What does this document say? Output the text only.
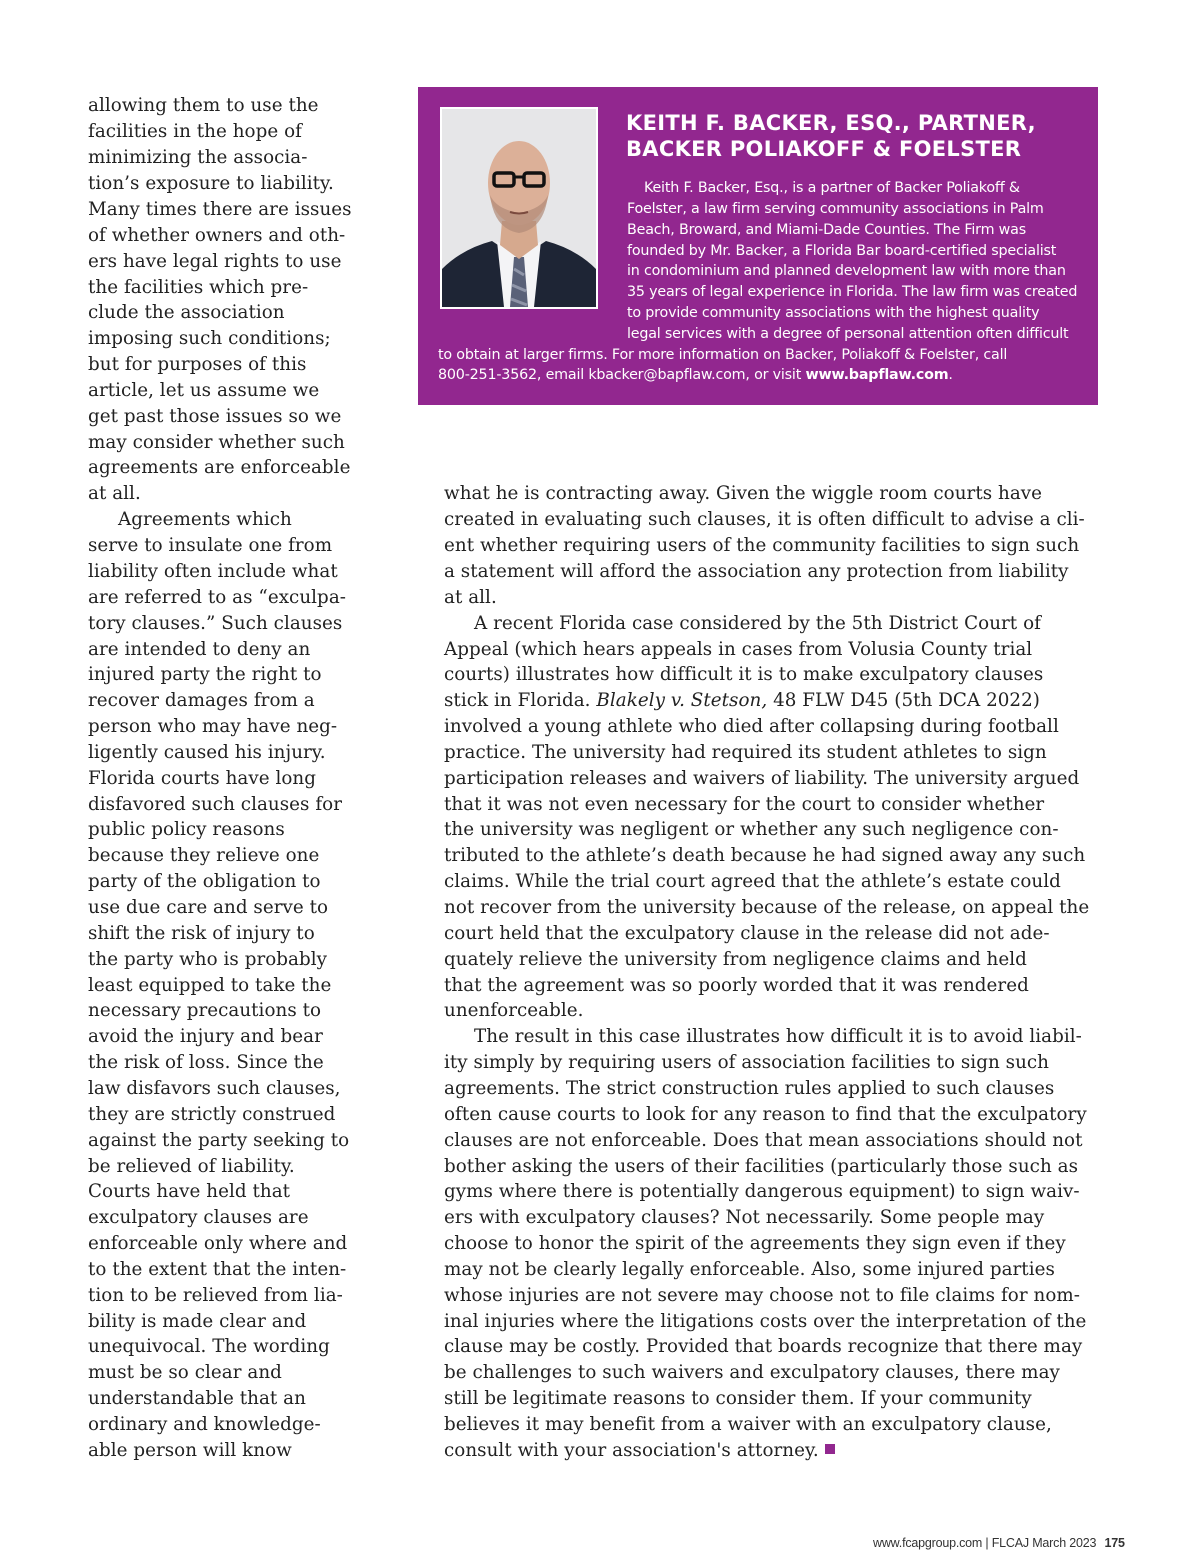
KEITH F. BACKER, ESQ., PARTNER,
BACKER POLIAKOFF & FOELSTER
Keith F. Backer, Esq., is a partner of Backer Poliakoff &
Foelster, a law firm serving community associations in Palm
Beach, Broward, and Miami-Dade Counties. The Firm was
founded by Mr. Backer, a Florida Bar board-certified specialist
in condominium and planned development law with more than
35 years of legal experience in Florida. The law firm was created
to provide community associations with the highest quality
legal services with a degree of personal attention often difficult
to obtain at larger firms. For more information on Backer, Poliakoff & Foelster, call
800-251-3562, email kbacker@bapflaw.com, or visit www.bapflaw.com.
allowing them to use the
facilities in the hope of
minimizing the associa-
tion’s exposure to liability.
Many times there are issues
of whether owners and oth-
ers have legal rights to use
the facilities which pre-
clude the association
imposing such conditions;
but for purposes of this
article, let us assume we
get past those issues so we
may consider whether such
agreements are enforceable
at all.
Agreements which
serve to insulate one from
liability often include what
are referred to as “exculpa-
tory clauses.” Such clauses
are intended to deny an
injured party the right to
recover damages from a
person who may have neg-
ligently caused his injury.
Florida courts have long
disfavored such clauses for
public policy reasons
because they relieve one
party of the obligation to
use due care and serve to
shift the risk of injury to
the party who is probably
least equipped to take the
necessary precautions to
avoid the injury and bear
the risk of loss. Since the
law disfavors such clauses,
they are strictly construed
against the party seeking to
be relieved of liability.
Courts have held that
exculpatory clauses are
enforceable only where and
to the extent that the inten-
tion to be relieved from lia-
bility is made clear and
unequivocal. The wording
must be so clear and
understandable that an
ordinary and knowledge-
able person will know
what he is contracting away. Given the wiggle room courts have
created in evaluating such clauses, it is often difficult to advise a cli-
ent whether requiring users of the community facilities to sign such
a statement will afford the association any protection from liability
at all.
A recent Florida case considered by the 5th District Court of
Appeal (which hears appeals in cases from Volusia County trial
courts) illustrates how difficult it is to make exculpatory clauses
stick in Florida. Blakely v. Stetson, 48 FLW D45 (5th DCA 2022)
involved a young athlete who died after collapsing during football
practice. The university had required its student athletes to sign
participation releases and waivers of liability. The university argued
that it was not even necessary for the court to consider whether
the university was negligent or whether any such negligence con-
tributed to the athlete’s death because he had signed away any such
claims. While the trial court agreed that the athlete’s estate could
not recover from the university because of the release, on appeal the
court held that the exculpatory clause in the release did not ade-
quately relieve the university from negligence claims and held
that the agreement was so poorly worded that it was rendered
unenforceable.
The result in this case illustrates how difficult it is to avoid liabil-
ity simply by requiring users of association facilities to sign such
agreements. The strict construction rules applied to such clauses
often cause courts to look for any reason to find that the exculpatory
clauses are not enforceable. Does that mean associations should not
bother asking the users of their facilities (particularly those such as
gyms where there is potentially dangerous equipment) to sign waiv-
ers with exculpatory clauses? Not necessarily. Some people may
choose to honor the spirit of the agreements they sign even if they
may not be clearly legally enforceable. Also, some injured parties
whose injuries are not severe may choose not to file claims for nom-
inal injuries where the litigations costs over the interpretation of the
clause may be costly. Provided that boards recognize that there may
be challenges to such waivers and exculpatory clauses, there may
still be legitimate reasons to consider them. If your community
believes it may benefit from a waiver with an exculpatory clause,
consult with your association's attorney.
www.fcapgroup.com | FLCAJ March 2023 175
